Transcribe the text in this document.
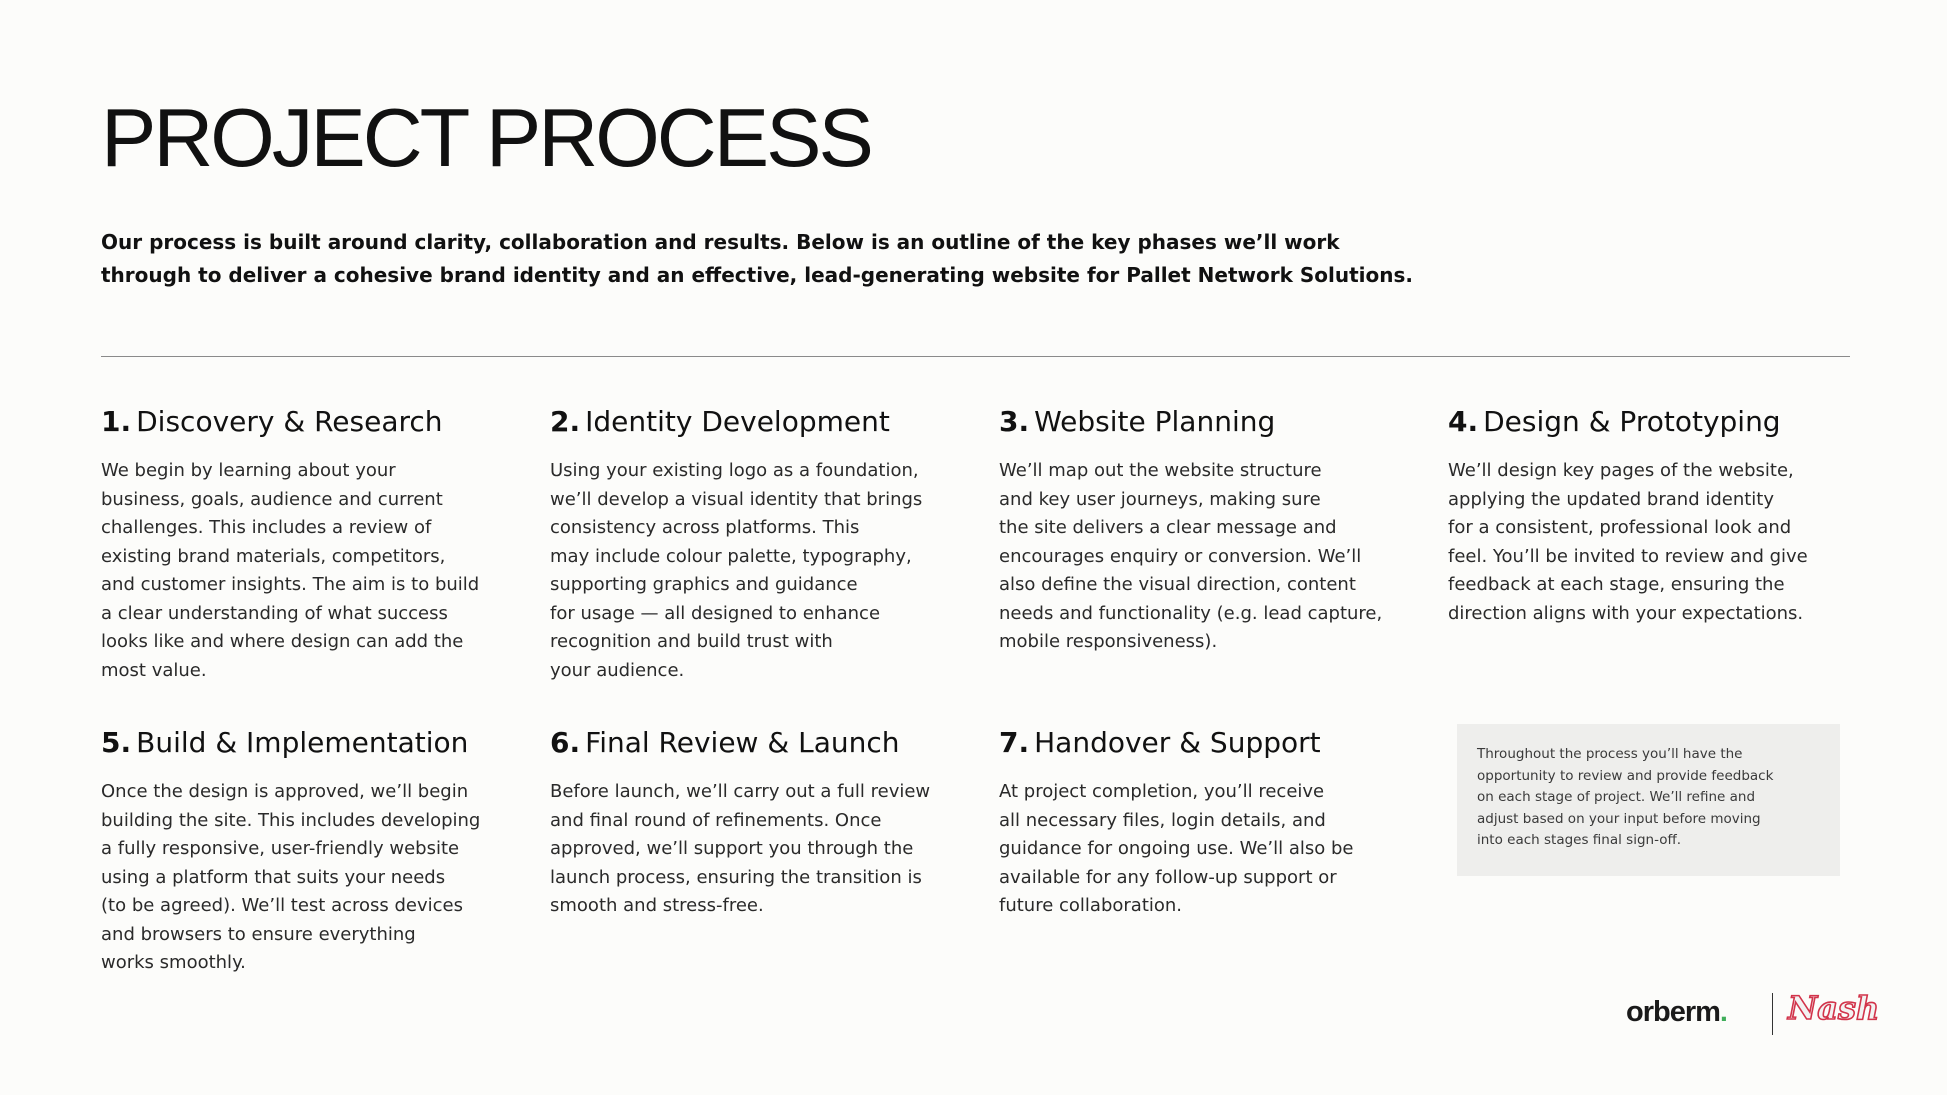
PROJECT PROCESS

Our process is built around clarity, collaboration and results. Below is an outline of the key phases we’ll work
through to deliver a cohesive brand identity and an effective, lead-generating website for Pallet Network Solutions.

1. Discovery & Research

We begin by learning about your
business, goals, audience and current
challenges. This includes a review of
existing brand materials, competitors,
and customer insights. The aim is to build
a clear understanding of what success
looks like and where design can add the
most value.

2. Identity Development

Using your existing logo as a foundation,
we’ll develop a visual identity that brings
consistency across platforms. This
may include colour palette, typography,
supporting graphics and guidance
for usage — all designed to enhance
recognition and build trust with
your audience.

3. Website Planning

We’ll map out the website structure
and key user journeys, making sure
the site delivers a clear message and
encourages enquiry or conversion. We’ll
also define the visual direction, content
needs and functionality (e.g. lead capture,
mobile responsiveness).

4. Design & Prototyping

We’ll design key pages of the website,
applying the updated brand identity
for a consistent, professional look and
feel. You’ll be invited to review and give
feedback at each stage, ensuring the
direction aligns with your expectations.

5. Build & Implementation

Once the design is approved, we’ll begin
building the site. This includes developing
a fully responsive, user-friendly website
using a platform that suits your needs
(to be agreed). We’ll test across devices
and browsers to ensure everything
works smoothly.

6. Final Review & Launch

Before launch, we’ll carry out a full review
and final round of refinements. Once
approved, we’ll support you through the
launch process, ensuring the transition is
smooth and stress-free.

7. Handover & Support

At project completion, you’ll receive
all necessary files, login details, and
guidance for ongoing use. We’ll also be
available for any follow-up support or
future collaboration.

Throughout the process you’ll have the
opportunity to review and provide feedback
on each stage of project. We’ll refine and
adjust based on your input before moving
into each stages final sign-off.

orberm. Nash
